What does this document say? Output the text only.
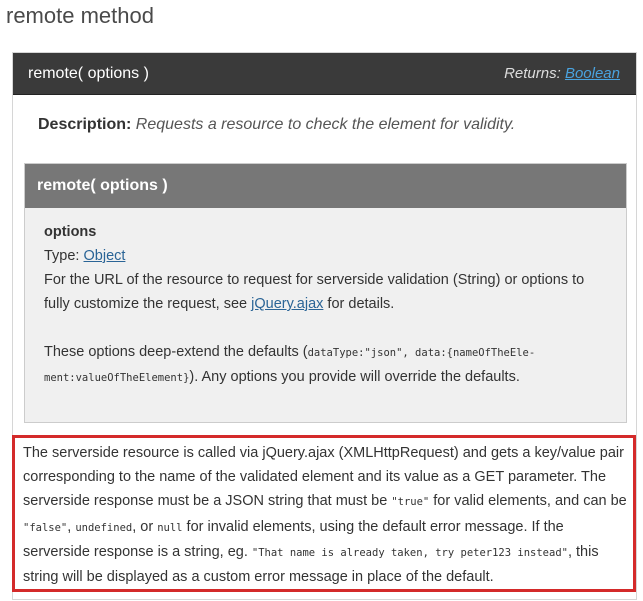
remote method
remote( options )	Returns: Boolean
Description: Requests a resource to check the element for validity.
remote( options )
options
Type: Object
For the URL of the resource to request for serverside validation (String) or options to fully customize the request, see jQuery.ajax for details.
These options deep-extend the defaults (dataType:"json", data:{nameOfTheEle- ment:valueOfTheElement}). Any options you provide will override the defaults.
The serverside resource is called via jQuery.ajax (XMLHttpRequest) and gets a key/value pair corresponding to the name of the validated element and its value as a GET parameter. The serverside response must be a JSON string that must be "true" for valid elements, and can be "false", undefined, or null for invalid elements, using the default error message. If the serverside response is a string, eg. "That name is already taken, try peter123 instead", this string will be displayed as a custom error message in place of the default.
